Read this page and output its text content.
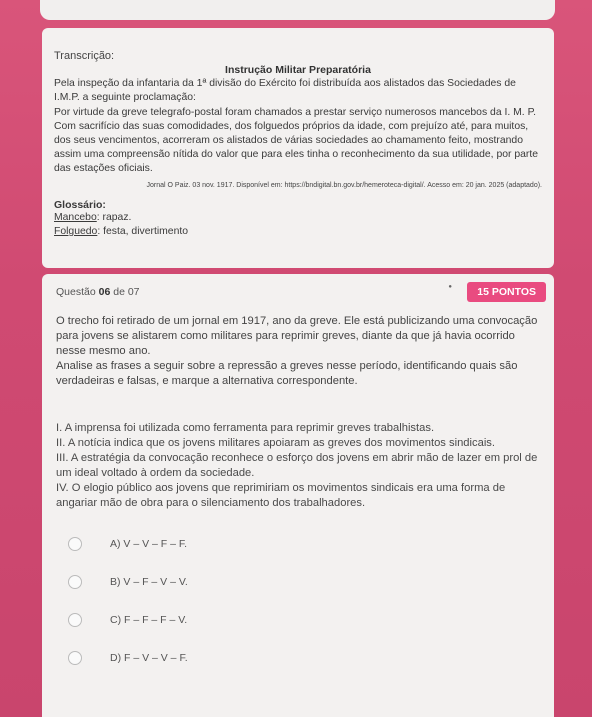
Transcrição:
Instrução Militar Preparatória
Pela inspeção da infantaria da 1ª divisão do Exército foi distribuída aos alistados das Sociedades de I.M.P. a seguinte proclamação:
Por virtude da greve telegrafo-postal foram chamados a prestar serviço numerosos mancebos da I. M. P. Com sacrifício das suas comodidades, dos folguedos próprios da idade, com prejuízo até, para muitos, dos seus vencimentos, acorreram os alistados de várias sociedades ao chamamento feito, mostrando assim uma compreensão nítida do valor que para eles tinha o reconhecimento da sua utilidade, por parte das estações oficiais.
Jornal O Paiz. 03 nov. 1917. Disponível em: https://bndigital.bn.gov.br/hemeroteca-digital/. Acesso em: 20 jan. 2025 (adaptado).
Glossário:
Mancebo: rapaz.
Folguedo: festa, divertimento
Questão 06 de 07	●	15 PONTOS

O trecho foi retirado de um jornal em 1917, ano da greve. Ele está publicizando uma convocação para jovens se alistarem como militares para reprimir greves, diante da que já havia ocorrido nesse mesmo ano.

Analise as frases a seguir sobre a repressão a greves nesse período, identificando quais são verdadeiras e falsas, e marque a alternativa correspondente.

I. A imprensa foi utilizada como ferramenta para reprimir greves trabalhistas.

II. A notícia indica que os jovens militares apoiaram as greves dos movimentos sindicais.

III. A estratégia da convocação reconhece o esforço dos jovens em abrir mão de lazer em prol de um ideal voltado à ordem da sociedade.

IV. O elogio público aos jovens que reprimiriam os movimentos sindicais era uma forma de angariar mão de obra para o silenciamento dos trabalhadores.

A) V – V – F – F.
B) V – F – V – V.
C) F – F – F – V.
D) F – V – V – F.
